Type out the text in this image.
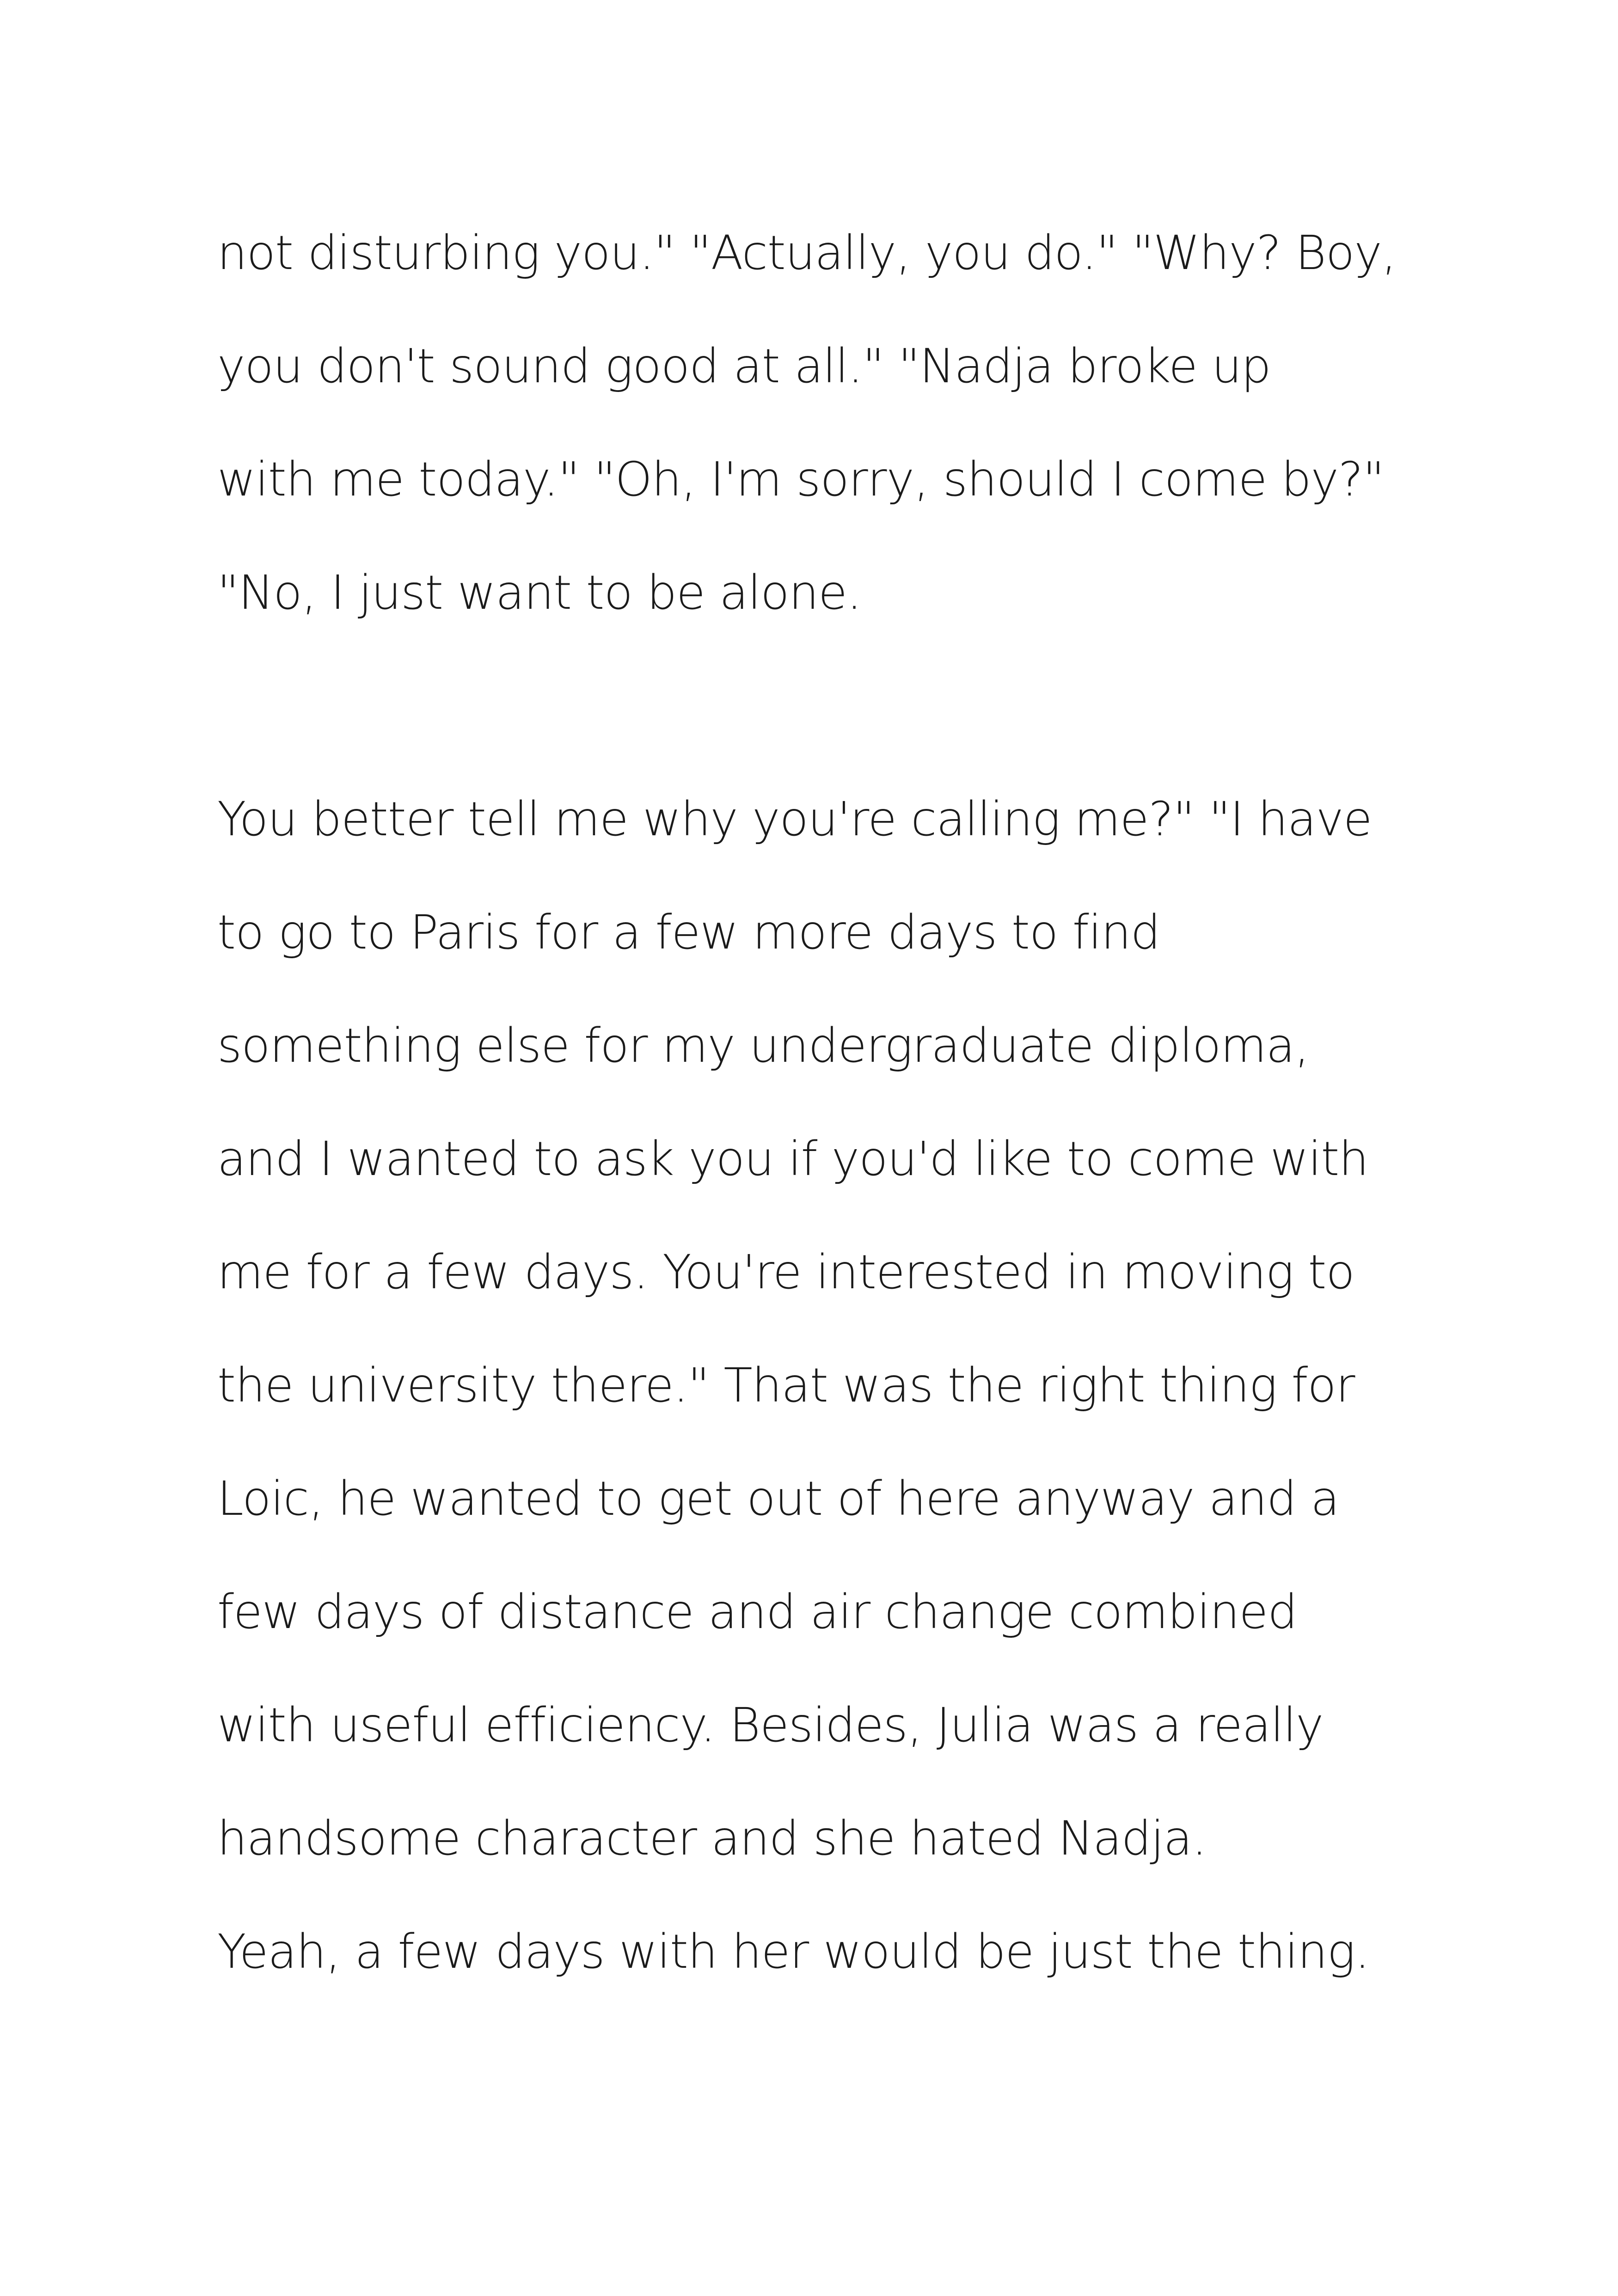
not disturbing you." "Actually, you do." "Why? Boy,
you don't sound good at all." "Nadja broke up
with me today." "Oh, I'm sorry, should I come by?"
"No, I just want to be alone.

You better tell me why you're calling me?" "I have
to go to Paris for a few more days to find
something else for my undergraduate diploma,
and I wanted to ask you if you'd like to come with
me for a few days. You're interested in moving to
the university there." That was the right thing for
Loic, he wanted to get out of here anyway and a
few days of distance and air change combined
with useful efficiency. Besides, Julia was a really
handsome character and she hated Nadja.
Yeah, a few days with her would be just the thing.
